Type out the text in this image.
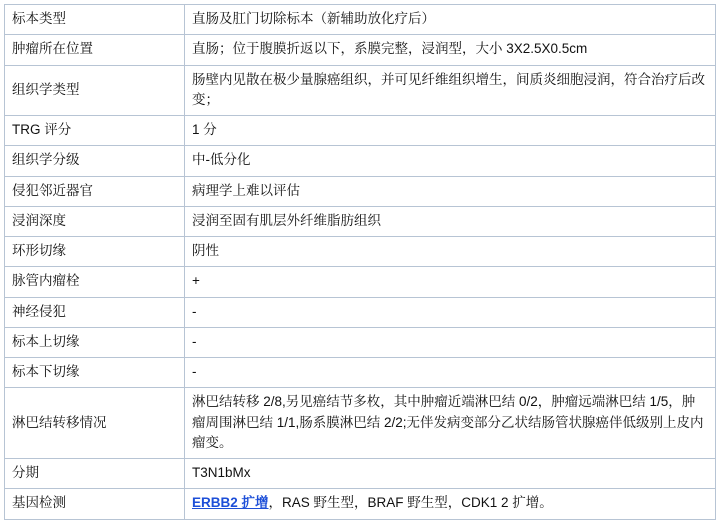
标本类型	直肠及肛门切除标本（新辅助放化疗后）
肿瘤所在位置	直肠；位于腹膜折返以下，系膜完整，浸润型，大小 3X2.5X0.5cm
组织学类型	肠壁内见散在极少量腺癌组织，并可见纤维组织增生，间质炎细胞浸润，符合治疗后改变；
TRG 评分	1 分
组织学分级	中-低分化
侵犯邻近器官	病理学上难以评估
浸润深度	浸润至固有肌层外纤维脂肪组织
环形切缘	阴性
脉管内瘤栓	+
神经侵犯	-
标本上切缘	-
标本下切缘	-
淋巴结转移情况	淋巴结转移 2/8,另见癌结节多枚，其中肿瘤近端淋巴结 0/2，肿瘤远端淋巴结 1/5，肿瘤周围淋巴结 1/1,肠系膜淋巴结 2/2;无伴发病变部分乙状结肠管状腺癌伴低级别上皮内瘤变。
分期	T3N1bMx
基因检测	ERBB2 扩增，RAS 野生型，BRAF 野生型，CDK1 2 扩增。
